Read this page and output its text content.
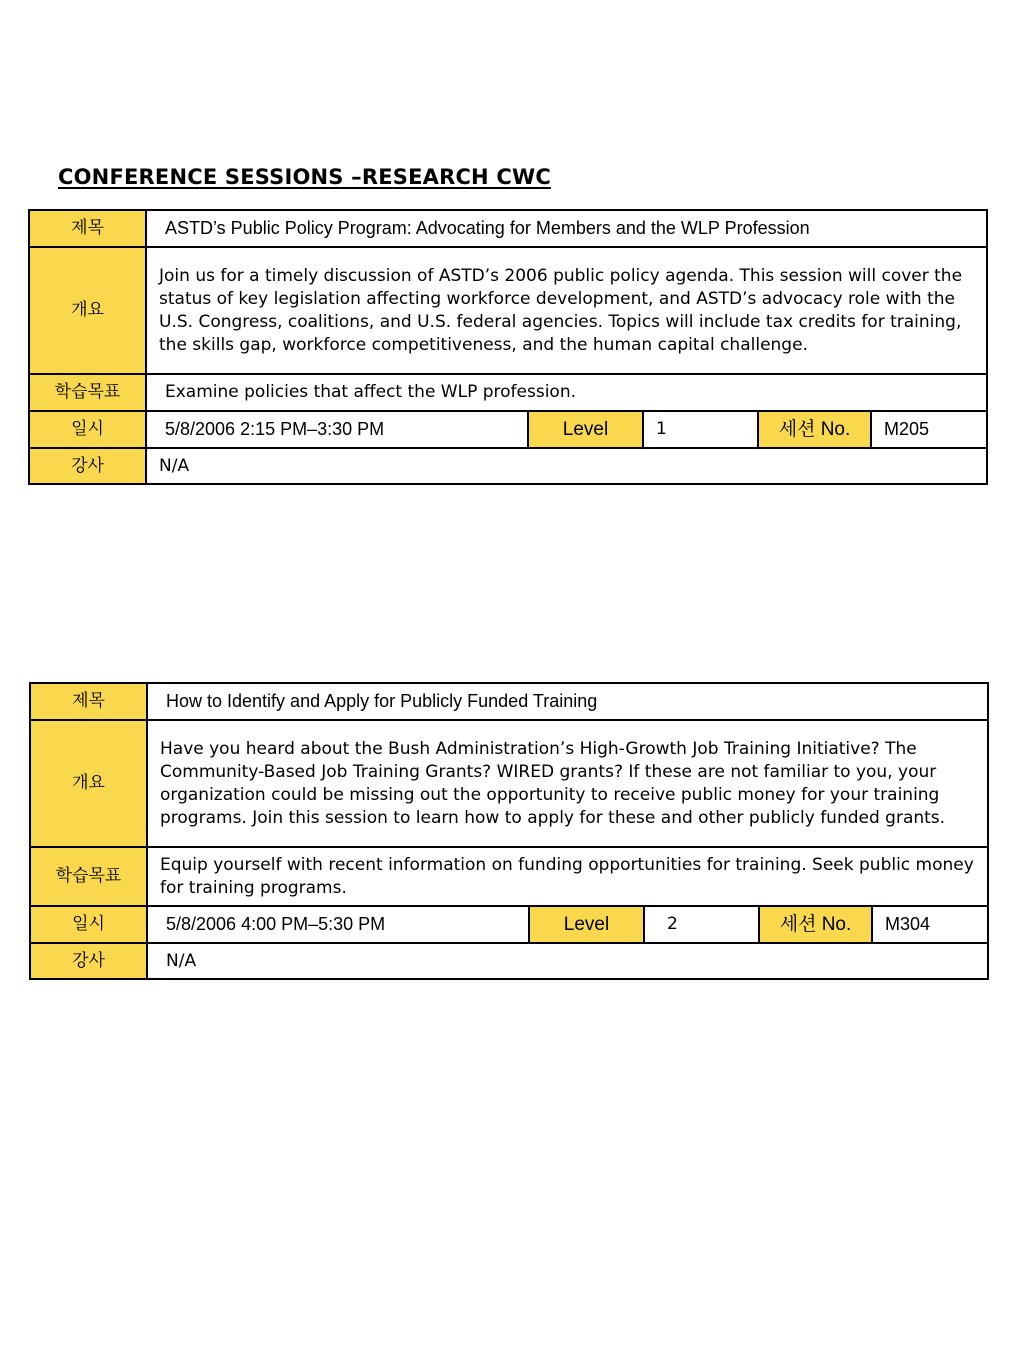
CONFERENCE SESSIONS –RESEARCH CWC
제목	ASTD’s Public Policy Program: Advocating for Members and the WLP Profession				
개요	Join us for a timely discussion of ASTD’s 2006 public policy agenda. This session will cover the status of key legislation affecting workforce development, and ASTD’s advocacy role with the U.S. Congress, coalitions, and U.S. federal agencies. Topics will include tax credits for training, the skills gap, workforce competitiveness, and the human capital challenge.				
학습목표	Examine policies that affect the WLP profession.				
일시	5/8/2006 2:15 PM–3:30 PM	Level	1	세션 No.	M205
강사	N/A				
제목	How to Identify and Apply for Publicly Funded Training				
개요	Have you heard about the Bush Administration’s High-Growth Job Training Initiative? The Community-Based Job Training Grants? WIRED grants? If these are not familiar to you, your organization could be missing out the opportunity to receive public money for your training programs. Join this session to learn how to apply for these and other publicly funded grants.				
학습목표	Equip yourself with recent information on funding opportunities for training. Seek public money for training programs.				
일시	5/8/2006 4:00 PM–5:30 PM	Level	2	세션 No.	M304
강사	N/A				
